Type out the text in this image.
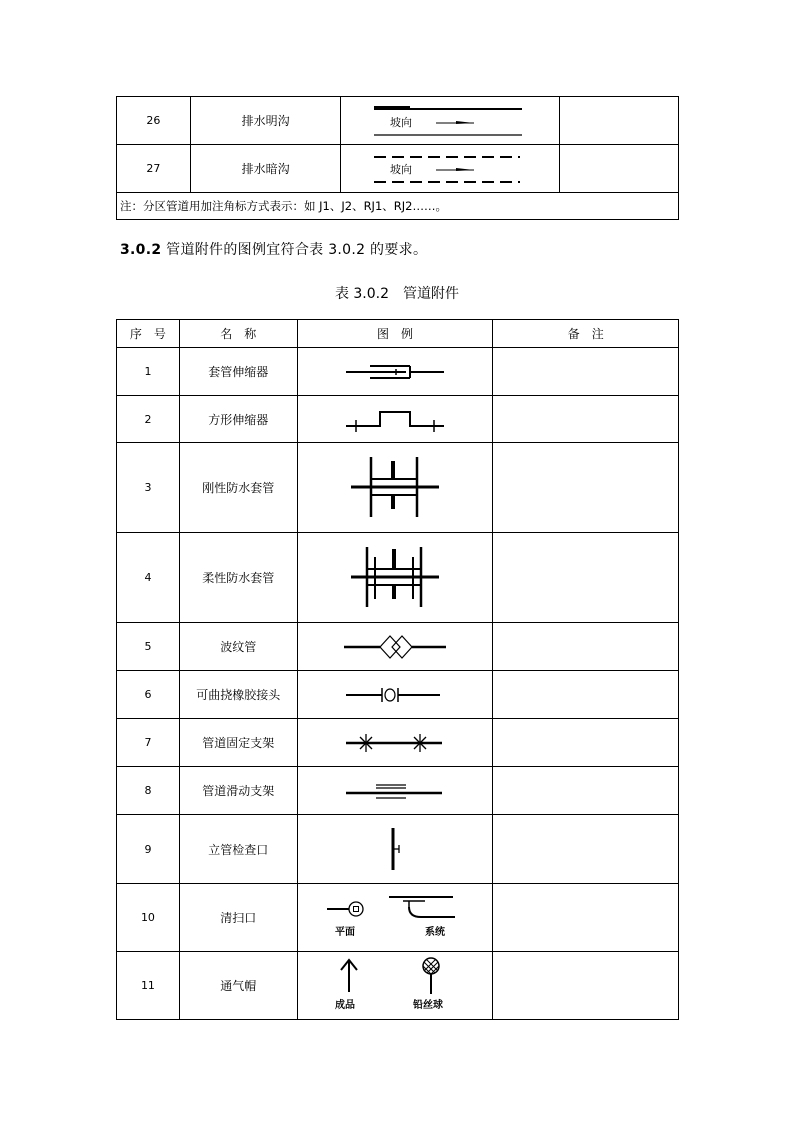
26	排水明沟	坡向	

27	排水暗沟	坡向	

注：分区管道用加注角标方式表示：如 J1、J2、RJ1、RJ2……。			
3.0.2 管道附件的图例宜符合表 3.0.2 的要求。
表 3.0.2　管道附件
序　号	名　称	图　例	备　注
1	套管伸缩器	

2	方形伸缩器	

3	刚性防水套管	

4	柔性防水套管	

5	波纹管	

6	可曲挠橡胶接头	

7	管道固定支架	

8	管道滑动支架	

9	立管检查口	

10	清扫口	平面 系统	

11	通气帽	成品 铅丝球	
